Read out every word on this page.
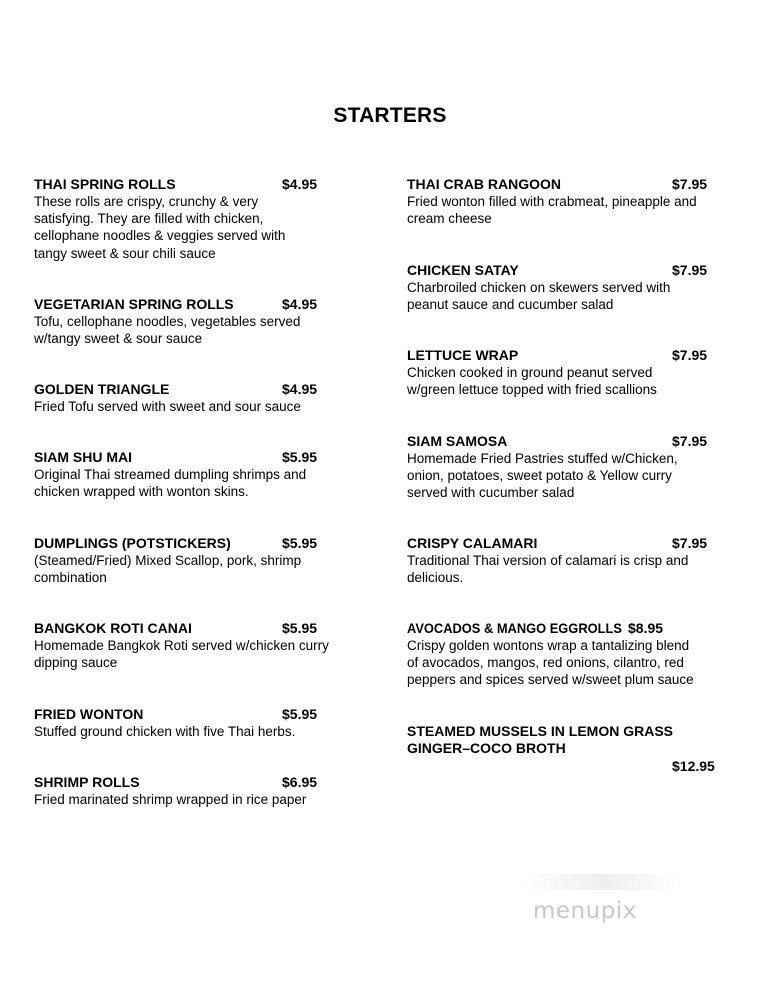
STARTERS
THAI SPRING ROLLS	$4.95

These rolls are crispy, crunchy & very
satisfying. They are filled with chicken,
cellophane noodles & veggies served with
tangy sweet & sour chili sauce

VEGETARIAN SPRING ROLLS	$4.95

Tofu, cellophane noodles, vegetables served
w/tangy sweet & sour sauce

GOLDEN TRIANGLE	$4.95

Fried Tofu served with sweet and sour sauce

SIAM SHU MAI	$5.95

Original Thai streamed dumpling shrimps and
chicken wrapped with wonton skins.

DUMPLINGS (POTSTICKERS)	$5.95

(Steamed/Fried) Mixed Scallop, pork, shrimp
combination

BANGKOK ROTI CANAI	$5.95

Homemade Bangkok Roti served w/chicken curry
dipping sauce

FRIED WONTON	$5.95

Stuffed ground chicken with five Thai herbs.

SHRIMP ROLLS	$6.95

Fried marinated shrimp wrapped in rice paper

THAI CRAB RANGOON	$7.95

Fried wonton filled with crabmeat, pineapple and
cream cheese

CHICKEN SATAY	$7.95

Charbroiled chicken on skewers served with
peanut sauce and cucumber salad

LETTUCE WRAP	$7.95

Chicken cooked in ground peanut served
w/green lettuce topped with fried scallions

SIAM SAMOSA	$7.95

Homemade Fried Pastries stuffed w/Chicken,
onion, potatoes, sweet potato & Yellow curry
served with cucumber salad

CRISPY CALAMARI	$7.95

Traditional Thai version of calamari is crisp and
delicious.

AVOCADOS & MANGO EGGROLLS $8.95

Crispy golden wontons wrap a tantalizing blend
of avocados, mangos, red onions, cilantro, red
peppers and spices served w/sweet plum sauce

STEAMED MUSSELS IN LEMON GRASS
GINGER–COCO BROTH
$12.95
menupix
